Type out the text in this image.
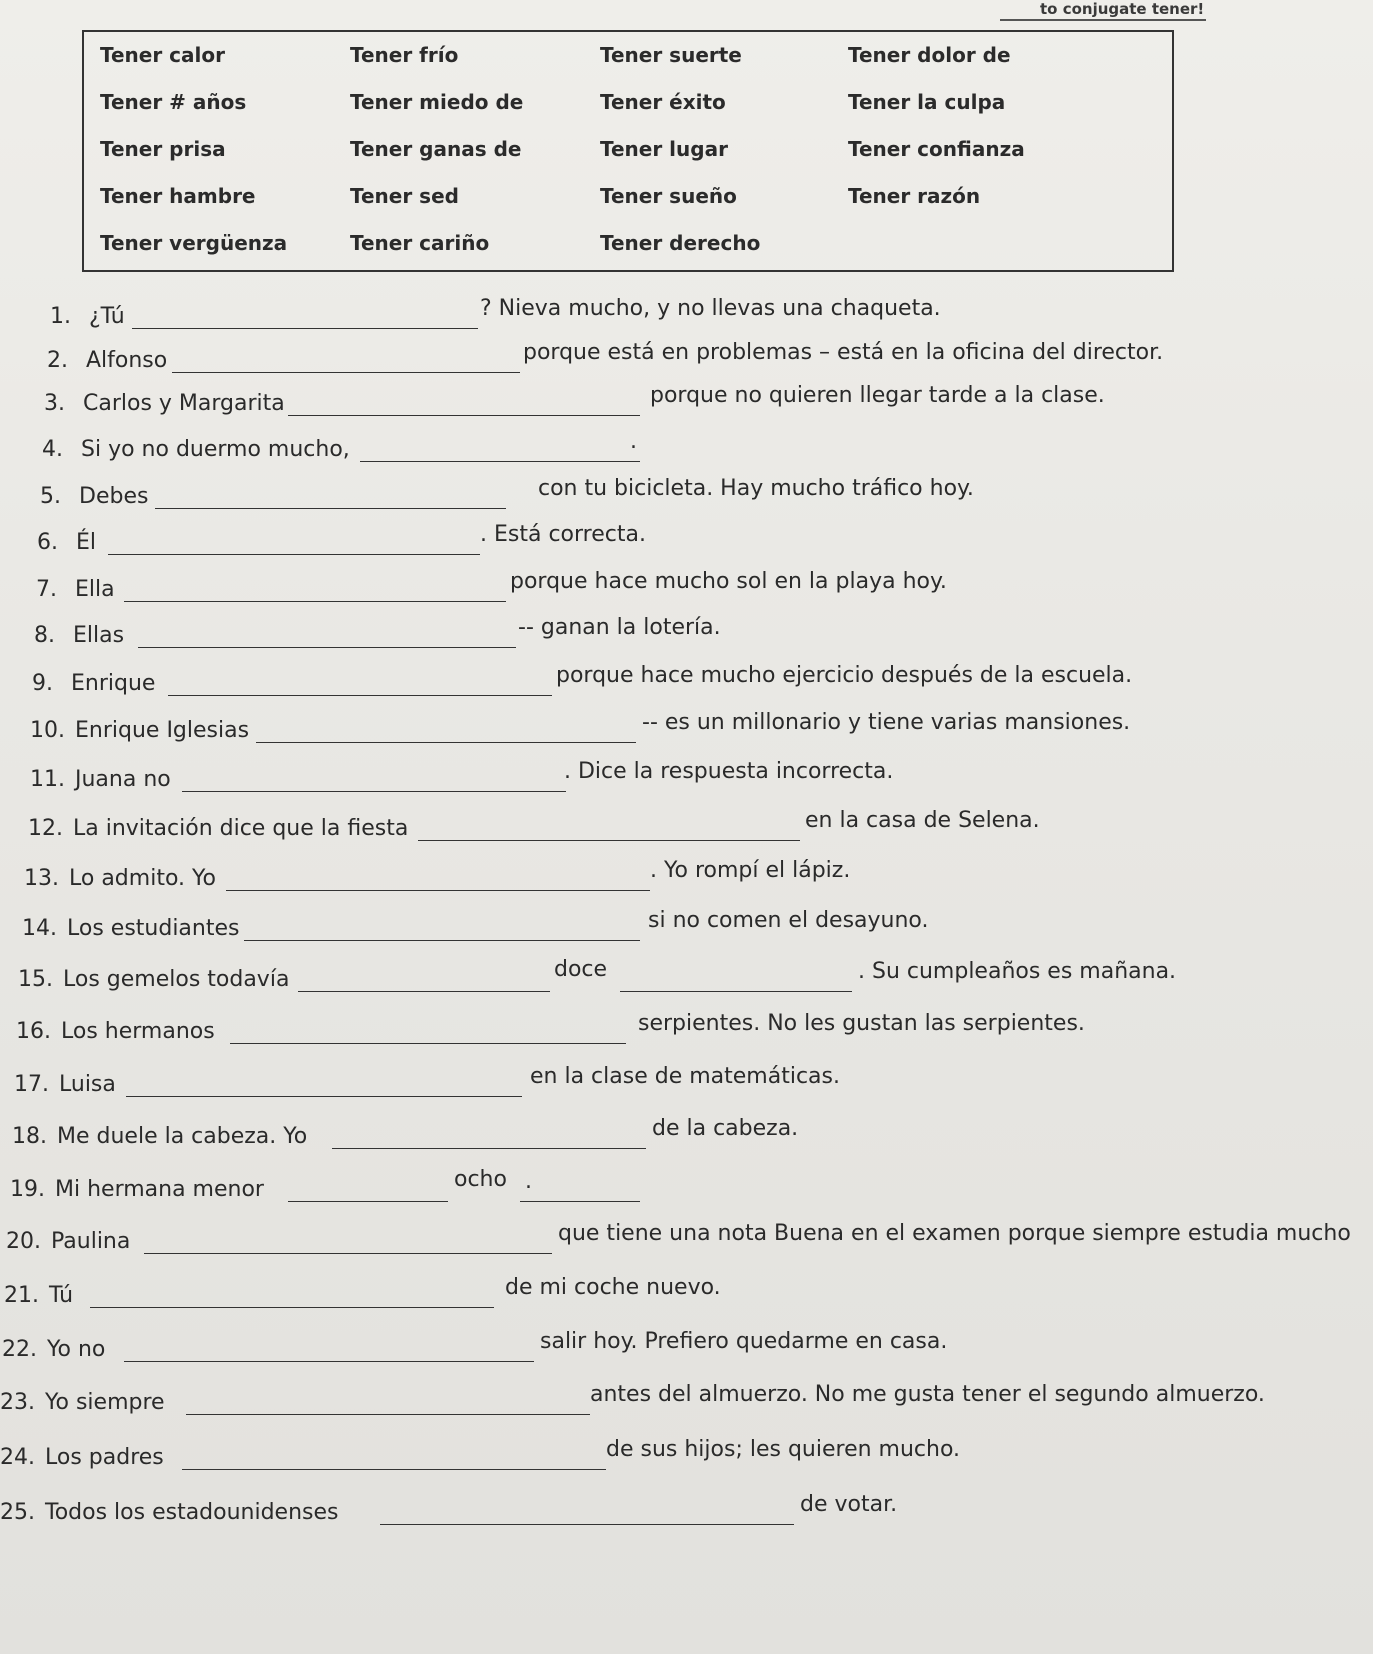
to conjugate tener!
Tener calor	Tener frío	Tener suerte	Tener dolor de
Tener # años	Tener miedo de	Tener éxito	Tener la culpa
Tener prisa	Tener ganas de	Tener lugar	Tener confianza
Tener hambre	Tener sed	Tener sueño	Tener razón
Tener vergüenza	Tener cariño	Tener derecho
1. ¿Tú	? Nieva mucho, y no llevas una chaqueta.
2. Alfonso	porque está en problemas – está en la oficina del director.
3. Carlos y Margarita	porque no quieren llegar tarde a la clase.
4. Si yo no duermo mucho,	.
5. Debes	con tu bicicleta. Hay mucho tráfico hoy.
6. Él	. Está correcta.
7. Ella	porque hace mucho sol en la playa hoy.
8. Ellas	-- ganan la lotería.
9. Enrique	porque hace mucho ejercicio después de la escuela.
10. Enrique Iglesias	-- es un millonario y tiene varias mansiones.
11. Juana no	. Dice la respuesta incorrecta.
12. La invitación dice que la fiesta	en la casa de Selena.
13. Lo admito. Yo	. Yo rompí el lápiz.
14. Los estudiantes	si no comen el desayuno.
15. Los gemelos todavía	doce	. Su cumpleaños es mañana.
16. Los hermanos	serpientes. No les gustan las serpientes.
17. Luisa	en la clase de matemáticas.
18. Me duele la cabeza. Yo	de la cabeza.
19. Mi hermana menor	ocho .
20. Paulina	que tiene una nota Buena en el examen porque siempre estudia mucho
21. Tú	de mi coche nuevo.
22. Yo no	salir hoy. Prefiero quedarme en casa.
23. Yo siempre	antes del almuerzo. No me gusta tener el segundo almuerzo.
24. Los padres	de sus hijos; les quieren mucho.
25. Todos los estadounidenses	de votar.
